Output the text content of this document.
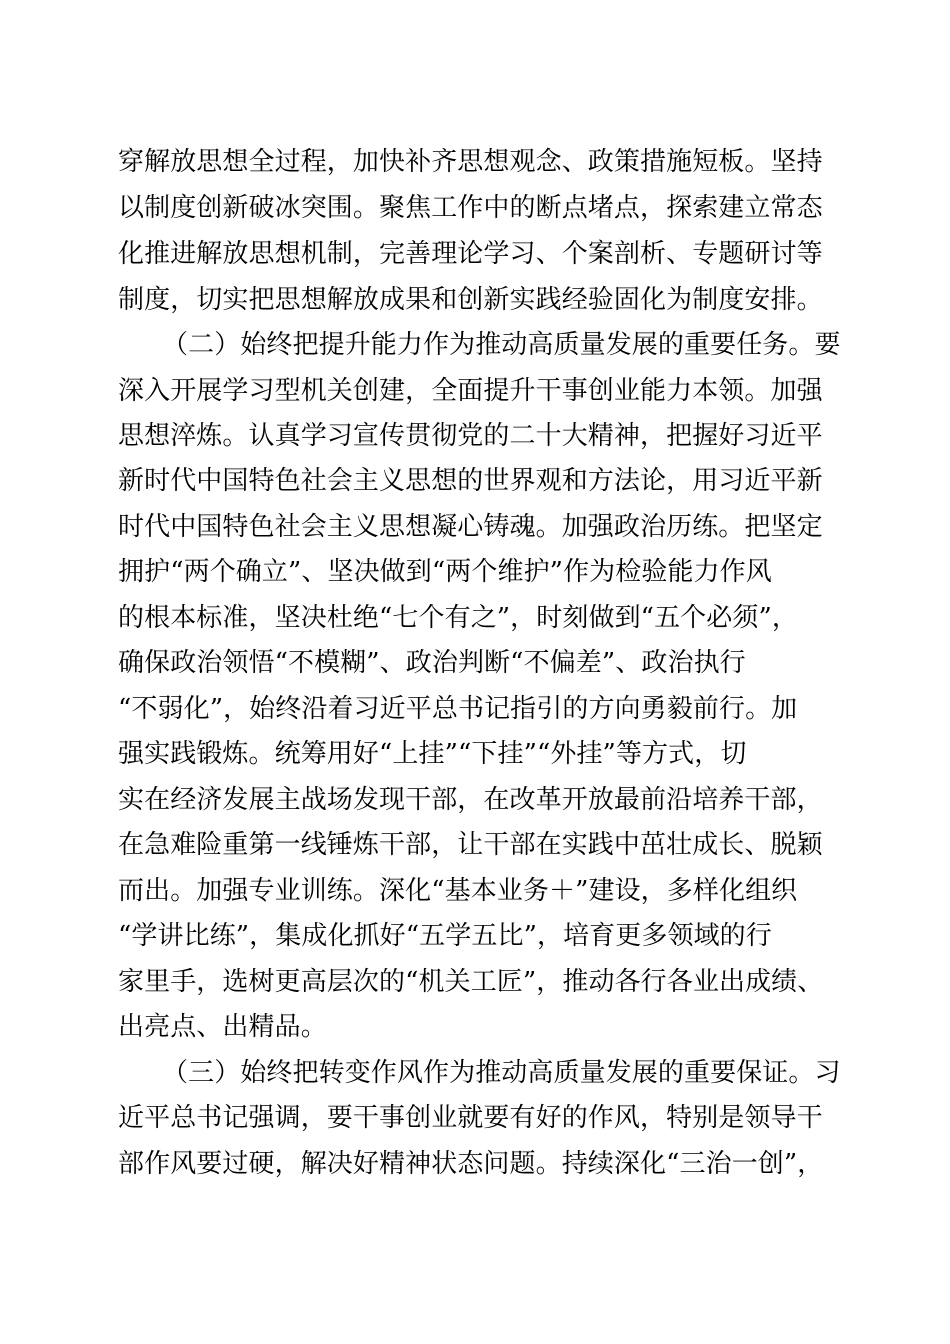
穿解放思想全过程，加快补齐思想观念、政策措施短板。坚持
以制度创新破冰突围。聚焦工作中的断点堵点，探索建立常态
化推进解放思想机制，完善理论学习、个案剖析、专题研讨等
制度，切实把思想解放成果和创新实践经验固化为制度安排。
（二）始终把提升能力作为推动高质量发展的重要任务。要
深入开展学习型机关创建，全面提升干事创业能力本领。加强
思想淬炼。认真学习宣传贯彻党的二十大精神，把握好习近平
新时代中国特色社会主义思想的世界观和方法论，用习近平新
时代中国特色社会主义思想凝心铸魂。加强政治历练。把坚定
拥护“两个确立”、坚决做到“两个维护”作为检验能力作风
的根本标准，坚决杜绝“七个有之”，时刻做到“五个必须”，
确保政治领悟“不模糊”、政治判断“不偏差”、政治执行
“不弱化”，始终沿着习近平总书记指引的方向勇毅前行。加
强实践锻炼。统筹用好“上挂”“下挂”“外挂”等方式，切
实在经济发展主战场发现干部，在改革开放最前沿培养干部，
在急难险重第一线锤炼干部，让干部在实践中茁壮成长、脱颖
而出。加强专业训练。深化“基本业务＋”建设，多样化组织
“学讲比练”，集成化抓好“五学五比”，培育更多领域的行
家里手，选树更高层次的“机关工匠”，推动各行各业出成绩、
出亮点、出精品。
（三）始终把转变作风作为推动高质量发展的重要保证。习
近平总书记强调，要干事创业就要有好的作风，特别是领导干
部作风要过硬，解决好精神状态问题。持续深化“三治一创”，
